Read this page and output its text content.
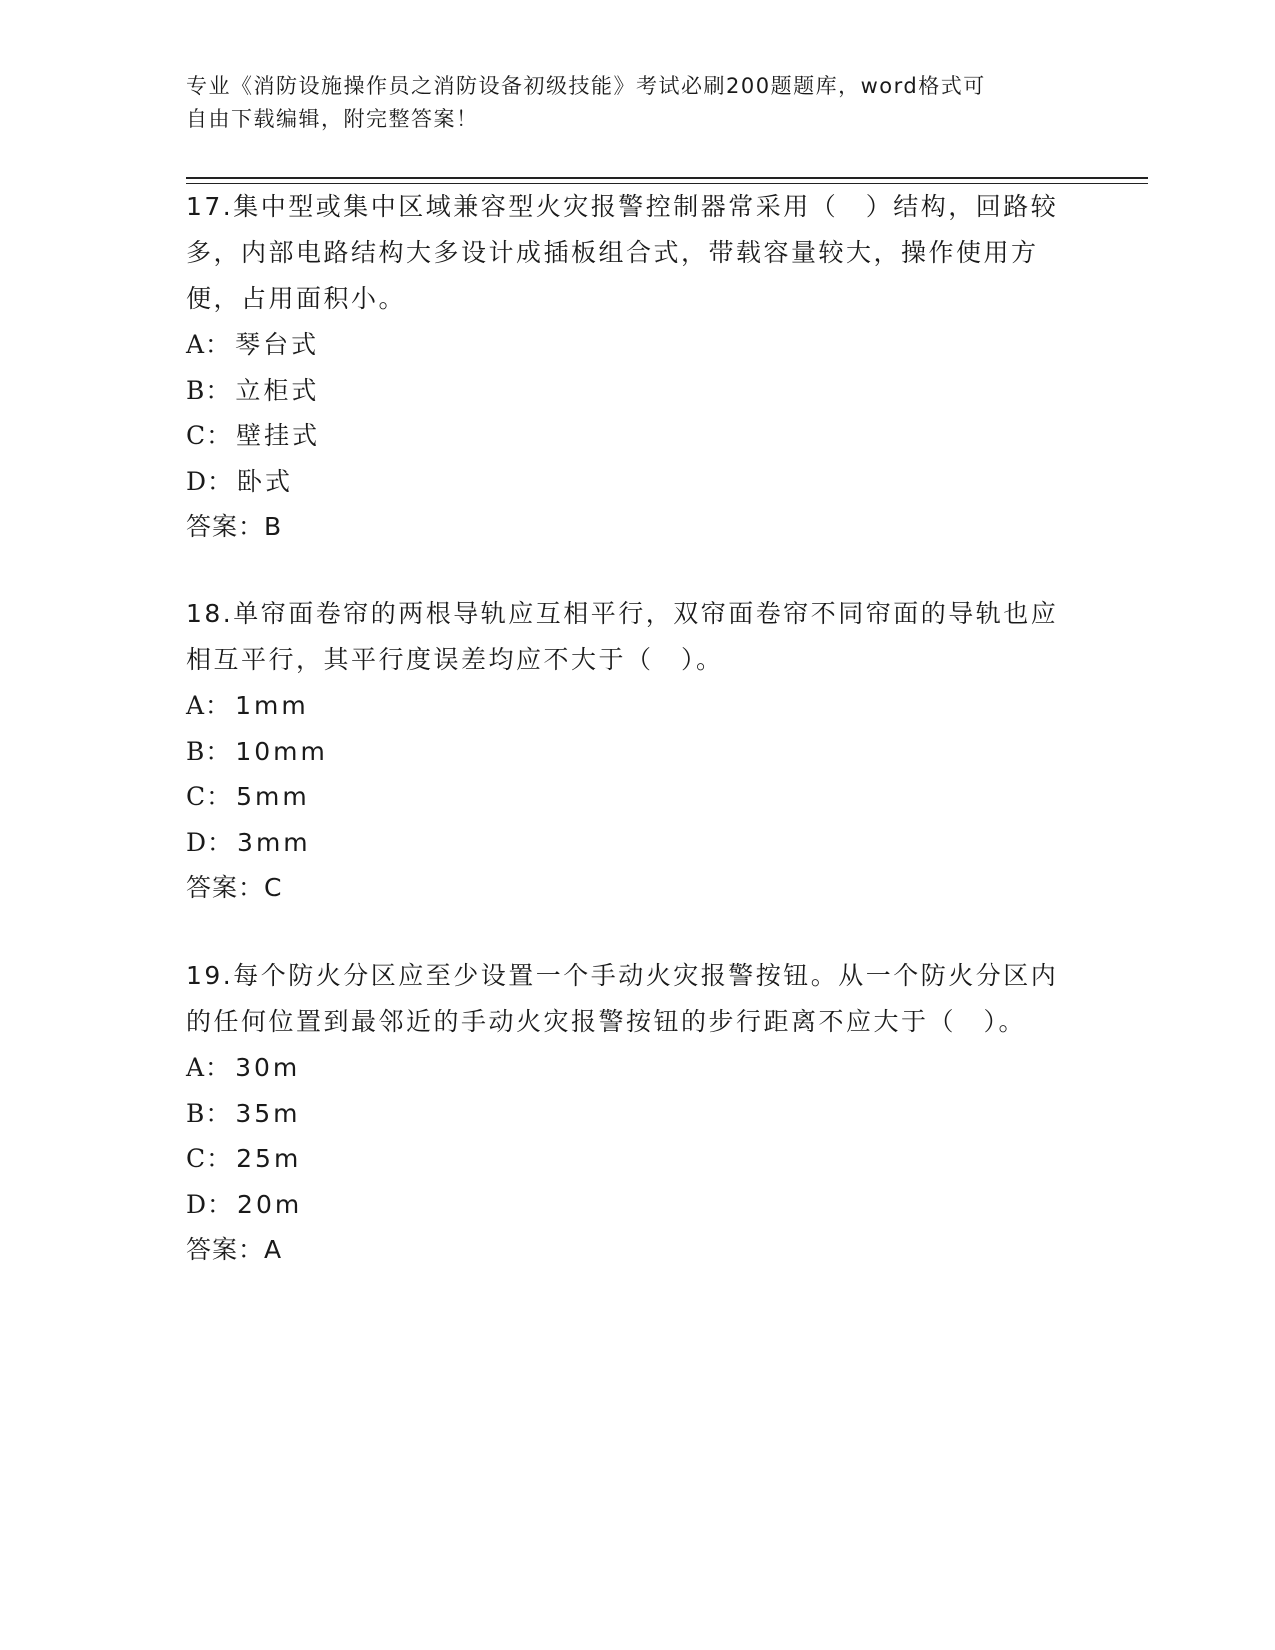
专业《消防设施操作员之消防设备初级技能》考试必刷200题题库，word格式可
自由下载编辑，附完整答案！
17.集中型或集中区域兼容型火灾报警控制器常采用（　）结构，回路较多，内部电路结构大多设计成插板组合式，带载容量较大，操作使用方便，占用面积小。
A： 琴台式
B： 立柜式
C： 壁挂式
D： 卧式
答案：B
18.单帘面卷帘的两根导轨应互相平行，双帘面卷帘不同帘面的导轨也应相互平行，其平行度误差均应不大于（　）。
A： 1mm
B： 10mm
C： 5mm
D： 3mm
答案：C
19.每个防火分区应至少设置一个手动火灾报警按钮。从一个防火分区内的任何位置到最邻近的手动火灾报警按钮的步行距离不应大于（　）。
A： 30m
B： 35m
C： 25m
D： 20m
答案：A
